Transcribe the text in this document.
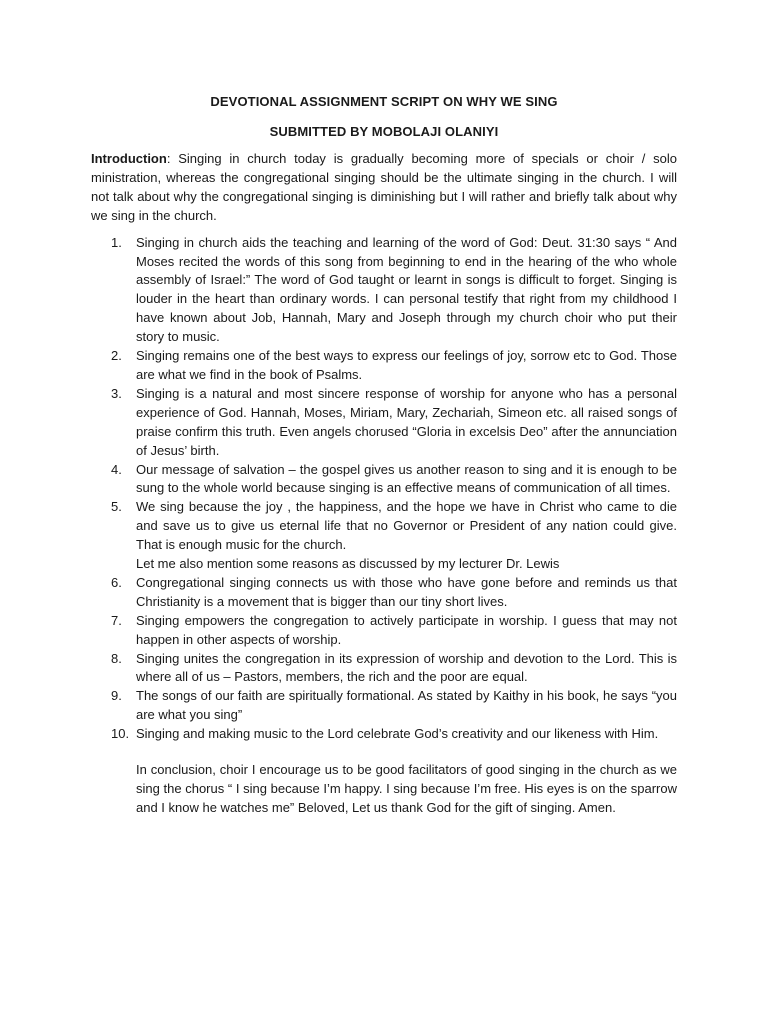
DEVOTIONAL ASSIGNMENT SCRIPT ON WHY WE SING
SUBMITTED BY MOBOLAJI OLANIYI

Introduction: Singing in church today is gradually becoming more of specials or choir / solo ministration, whereas the congregational singing should be the ultimate singing in the church. I will not talk about why the congregational singing is diminishing but I will rather and briefly talk about why we sing in the church.

1. Singing in church aids the teaching and learning of the word of God: Deut. 31:30 says “ And Moses recited the words of this song from beginning to end in the hearing of the who whole assembly of Israel:” The word of God taught or learnt in songs is difficult to forget. Singing is louder in the heart than ordinary words. I can personal testify that right from my childhood I have known about Job, Hannah, Mary and Joseph through my church choir who put their story to music.
2. Singing remains one of the best ways to express our feelings of joy, sorrow etc to God. Those are what we find in the book of Psalms.
3. Singing is a natural and most sincere response of worship for anyone who has a personal experience of God. Hannah, Moses, Miriam, Mary, Zechariah, Simeon etc. all raised songs of praise confirm this truth. Even angels chorused “Gloria in excelsis Deo” after the annunciation of Jesus’ birth.
4. Our message of salvation – the gospel gives us another reason to sing and it is enough to be sung to the whole world because singing is an effective means of communication of all times.
5. We sing because the joy , the happiness, and the hope we have in Christ who came to die and save us to give us eternal life that no Governor or President of any nation could give. That is enough music for the church.
Let me also mention some reasons as discussed by my lecturer Dr. Lewis
6. Congregational singing connects us with those who have gone before and reminds us that Christianity is a movement that is bigger than our tiny short lives.
7. Singing empowers the congregation to actively participate in worship. I guess that may not happen in other aspects of worship.
8. Singing unites the congregation in its expression of worship and devotion to the Lord. This is where all of us – Pastors, members, the rich and the poor are equal.
9. The songs of our faith are spiritually formational. As stated by Kaithy in his book, he says “you are what you sing”
10. Singing and making music to the Lord celebrate God’s creativity and our likeness with Him.

In conclusion, choir I encourage us to be good facilitators of good singing in the church as we sing the chorus “ I sing because I’m happy. I sing because I’m free. His eyes is on the sparrow and I know he watches me” Beloved, Let us thank God for the gift of singing. Amen.
